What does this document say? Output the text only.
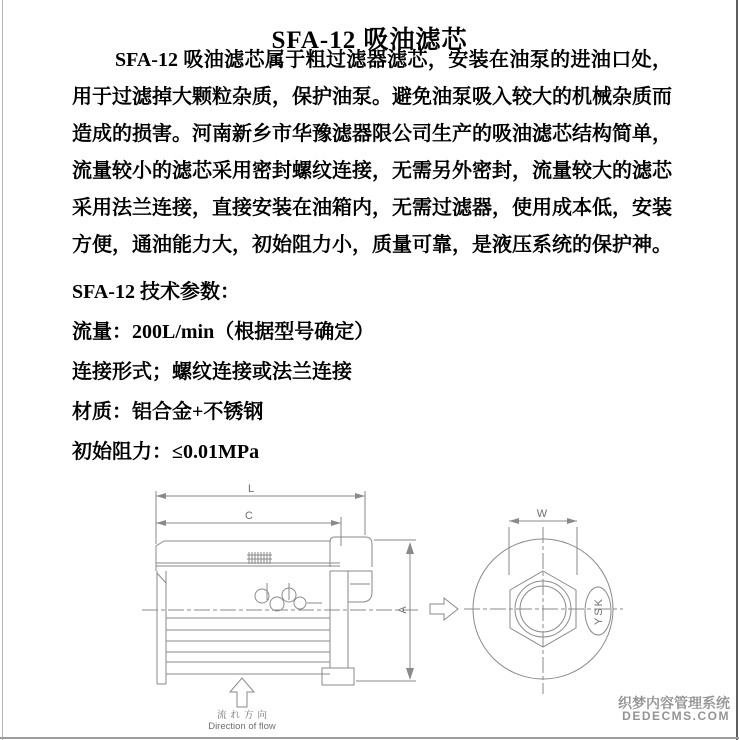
SFA-12 吸油滤芯
SFA-12 吸油滤芯属于粗过滤器滤芯，安装在油泵的进油口处，
用于过滤掉大颗粒杂质，保护油泵。避免油泵吸入较大的机械杂质而
造成的损害。河南新乡市华豫滤器限公司生产的吸油滤芯结构简单，
流量较小的滤芯采用密封螺纹连接，无需另外密封，流量较大的滤芯
采用法兰连接，直接安装在油箱内，无需过滤器，使用成本低，安装
方便，通油能力大，初始阻力小，质量可靠，是液压系统的保护神。
SFA-12 技术参数：
流量：200L/min（根据型号确定）
连接形式；螺纹连接或法兰连接
材质：铝合金+不锈钢
初始阻力：≤0.01MPa
L
C
A
W
YSK
流れ方向
Direction of flow
织梦内容管理系统
DEDECMS.COM
